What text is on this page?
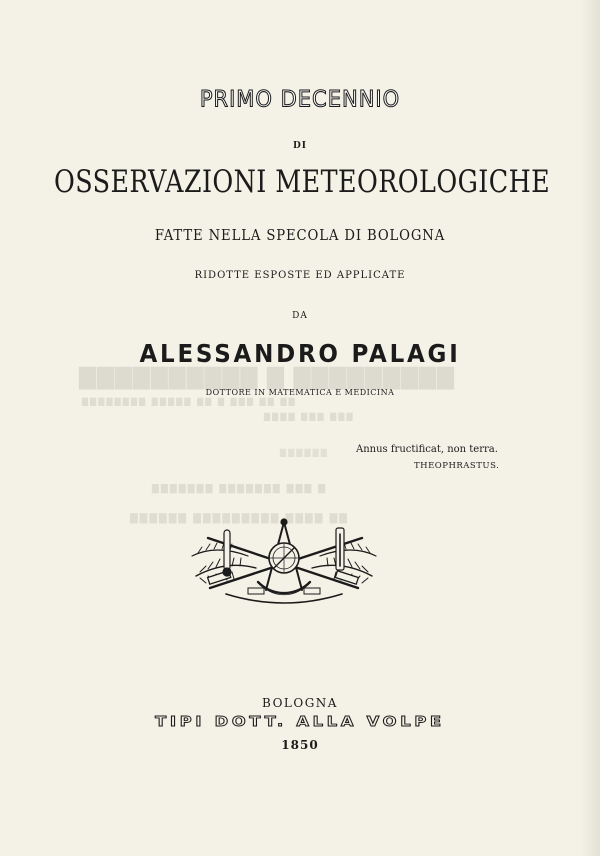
▇▇▇▇▇▇▇▇▇ ▇ ▇▇▇▇▇▇▇▇▇▇
▇▇ ▇▇ ▇▇▇ ▇ ▇▇ ▇▇▇▇▇ ▇▇▇▇▇▇▇▇
▇▇▇ ▇▇▇ ▇▇▇▇
▇▇▇▇▇▇
▇ ▇▇▇ ▇▇▇▇▇▇▇ ▇▇▇▇▇▇▇
▇▇ ▇▇▇▇ ▇▇▇▇▇▇▇▇▇ ▇▇▇▇▇▇
PRIMO DECENNIO
DI
OSSERVAZIONI METEOROLOGICHE
FATTE NELLA SPECOLA DI BOLOGNA
RIDOTTE ESPOSTE ED APPLICATE
DA
ALESSANDRO PALAGI
DOTTORE IN MATEMATICA E MEDICINA
Annus fructificat, non terra.
THEOPHRASTUS.
BOLOGNA
TIPI DOTT. ALLA VOLPE
1850
